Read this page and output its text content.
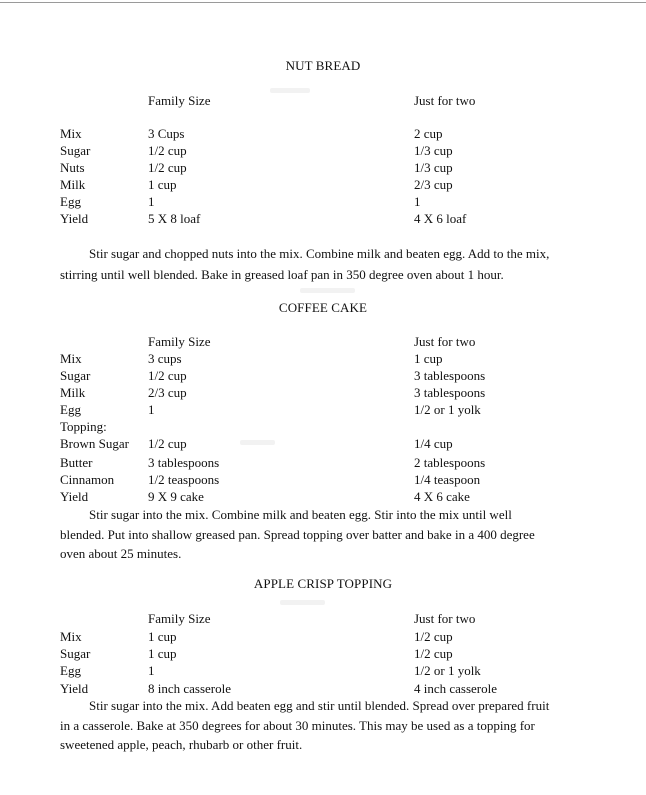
NUT BREAD
Family Size	Just for two
Mix	3 Cups	2 cup
Sugar	1/2 cup	1/3 cup
Nuts	1/2 cup	1/3 cup
Milk	1 cup	2/3 cup
Egg	1	1
Yield	5 X 8 loaf	4 X 6 loaf
Stir sugar and chopped nuts into the mix. Combine milk and beaten egg. Add to the mix,
stirring until well blended. Bake in greased loaf pan in 350 degree oven about 1 hour.
COFFEE CAKE
Family Size	Just for two
Mix	3 cups	1 cup
Sugar	1/2 cup	3 tablespoons
Milk	2/3 cup	3 tablespoons
Egg	1	1/2 or 1 yolk
Topping:
Brown Sugar 1/2 cup	1/4 cup
Butter	3 tablespoons	2 tablespoons
Cinnamon	1/2 teaspoons	1/4 teaspoon
Yield	9 X 9 cake	4 X 6 cake
Stir sugar into the mix. Combine milk and beaten egg. Stir into the mix until well
blended. Put into shallow greased pan. Spread topping over batter and bake in a 400 degree
oven about 25 minutes.
APPLE CRISP TOPPING
Family Size	Just for two
Mix	1 cup	1/2 cup
Sugar	1 cup	1/2 cup
Egg	1	1/2 or 1 yolk
Yield	8 inch casserole	4 inch casserole
Stir sugar into the mix. Add beaten egg and stir until blended. Spread over prepared fruit
in a casserole. Bake at 350 degrees for about 30 minutes. This may be used as a topping for
sweetened apple, peach, rhubarb or other fruit.
